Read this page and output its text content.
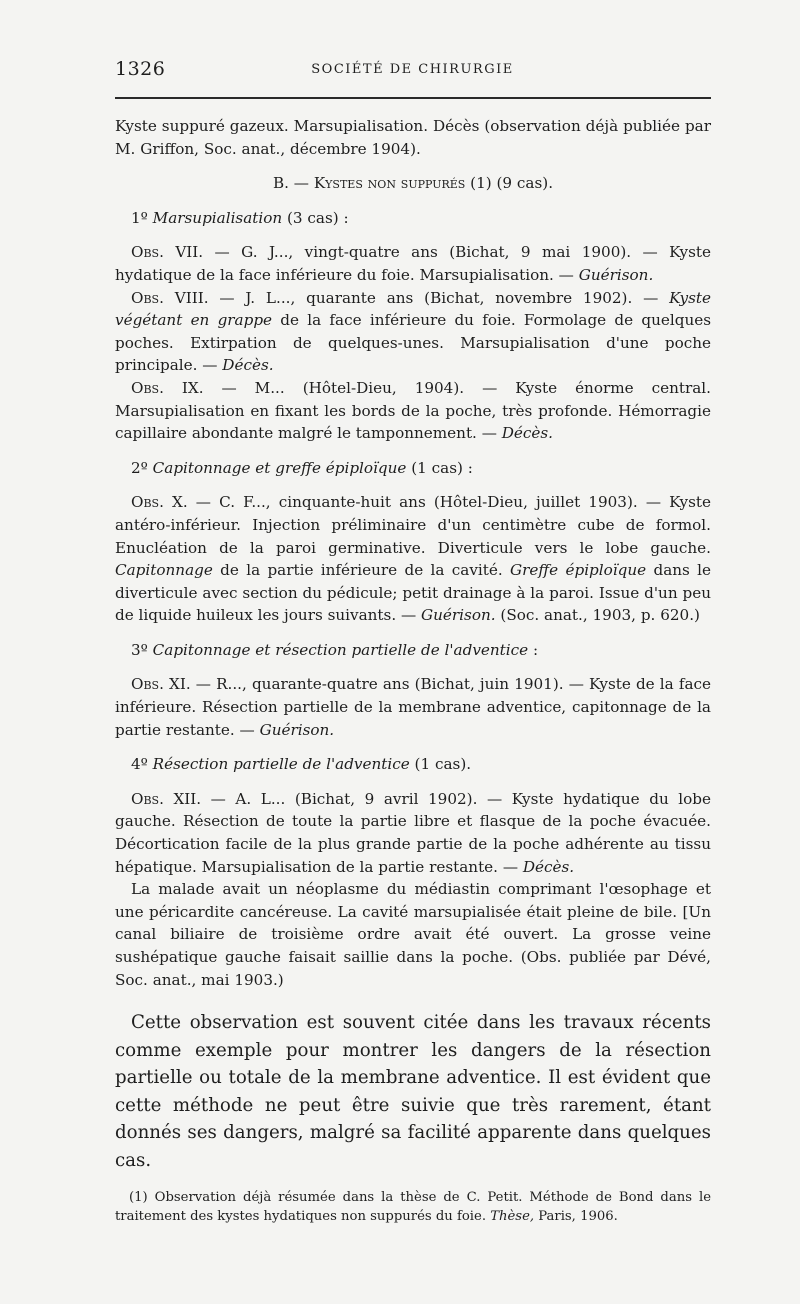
1326	SOCIÉTÉ DE CHIRURGIE

Kyste suppuré gazeux. Marsupialisation. Décès (observation déjà publiée par M. Griffon, Soc. anat., décembre 1904).

B. — Kystes non suppurés (1) (9 cas).

1º Marsupialisation (3 cas) :

Obs. VII. — G. J..., vingt-quatre ans (Bichat, 9 mai 1900). — Kyste hydatique de la face inférieure du foie. Marsupialisation. — Guérison.

Obs. VIII. — J. L..., quarante ans (Bichat, novembre 1902). — Kyste végétant en grappe de la face inférieure du foie. Formolage de quelques poches. Extirpation de quelques-unes. Marsupialisation d'une poche principale. — Décès.

Obs. IX. — M... (Hôtel-Dieu, 1904). — Kyste énorme central. Marsupialisation en fixant les bords de la poche, très profonde. Hémorragie capillaire abondante malgré le tamponnement. — Décès.

2º Capitonnage et greffe épiploïque (1 cas) :

Obs. X. — C. F..., cinquante-huit ans (Hôtel-Dieu, juillet 1903). — Kyste antéro-inférieur. Injection préliminaire d'un centimètre cube de formol. Enucléation de la paroi germinative. Diverticule vers le lobe gauche. Capitonnage de la partie inférieure de la cavité. Greffe épiploïque dans le diverticule avec section du pédicule; petit drainage à la paroi. Issue d'un peu de liquide huileux les jours suivants. — Guérison. (Soc. anat., 1903, p. 620.)

3º Capitonnage et résection partielle de l'adventice :

Obs. XI. — R..., quarante-quatre ans (Bichat, juin 1901). — Kyste de la face inférieure. Résection partielle de la membrane adventice, capitonnage de la partie restante. — Guérison.

4º Résection partielle de l'adventice (1 cas).

Obs. XII. — A. L... (Bichat, 9 avril 1902). — Kyste hydatique du lobe gauche. Résection de toute la partie libre et flasque de la poche évacuée. Décortication facile de la plus grande partie de la poche adhérente au tissu hépatique. Marsupialisation de la partie restante. — Décès.

La malade avait un néoplasme du médiastin comprimant l'œsophage et une péricardite cancéreuse. La cavité marsupialisée était pleine de bile. [Un canal biliaire de troisième ordre avait été ouvert. La grosse veine sushépatique gauche faisait saillie dans la poche. (Obs. publiée par Dévé, Soc. anat., mai 1903.)

Cette observation est souvent citée dans les travaux récents comme exemple pour montrer les dangers de la résection partielle ou totale de la membrane adventice. Il est évident que cette méthode ne peut être suivie que très rarement, étant donnés ses dangers, malgré sa facilité apparente dans quelques cas.

(1) Observation déjà résumée dans la thèse de C. Petit. Méthode de Bond dans le traitement des kystes hydatiques non suppurés du foie. Thèse, Paris, 1906.
